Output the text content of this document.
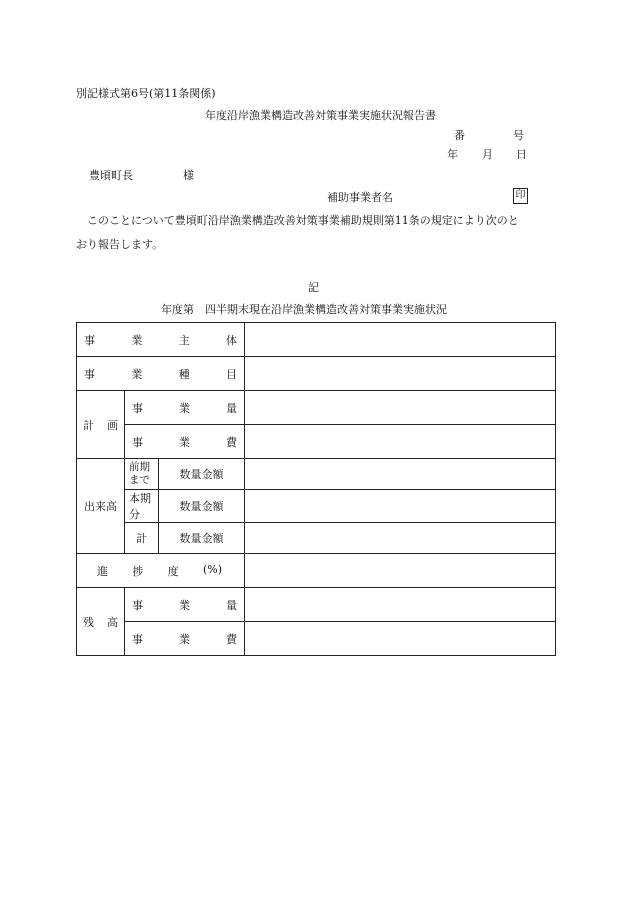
別記様式第6号(第11条関係)
年度沿岸漁業構造改善対策事業実施状況報告書
番	号
年 月 日
豊頃町長	様
補助事業者名	印
このことについて豊頃町沿岸漁業構造改善対策事業補助規則第11条の規定により次のと
おり報告します。
記
年度第　四半期末現在沿岸漁業構造改善対策事業実施状況
事 業 主 体			

事 業 種 目			

計 画	事 業 量		

	事 業 費		

出来高	前期まで	数量金額	
	本期分	数量金額	
	計	数量金額	

進 捗 度 (%)			

残 高	事 業 量		

	事 業 費		
